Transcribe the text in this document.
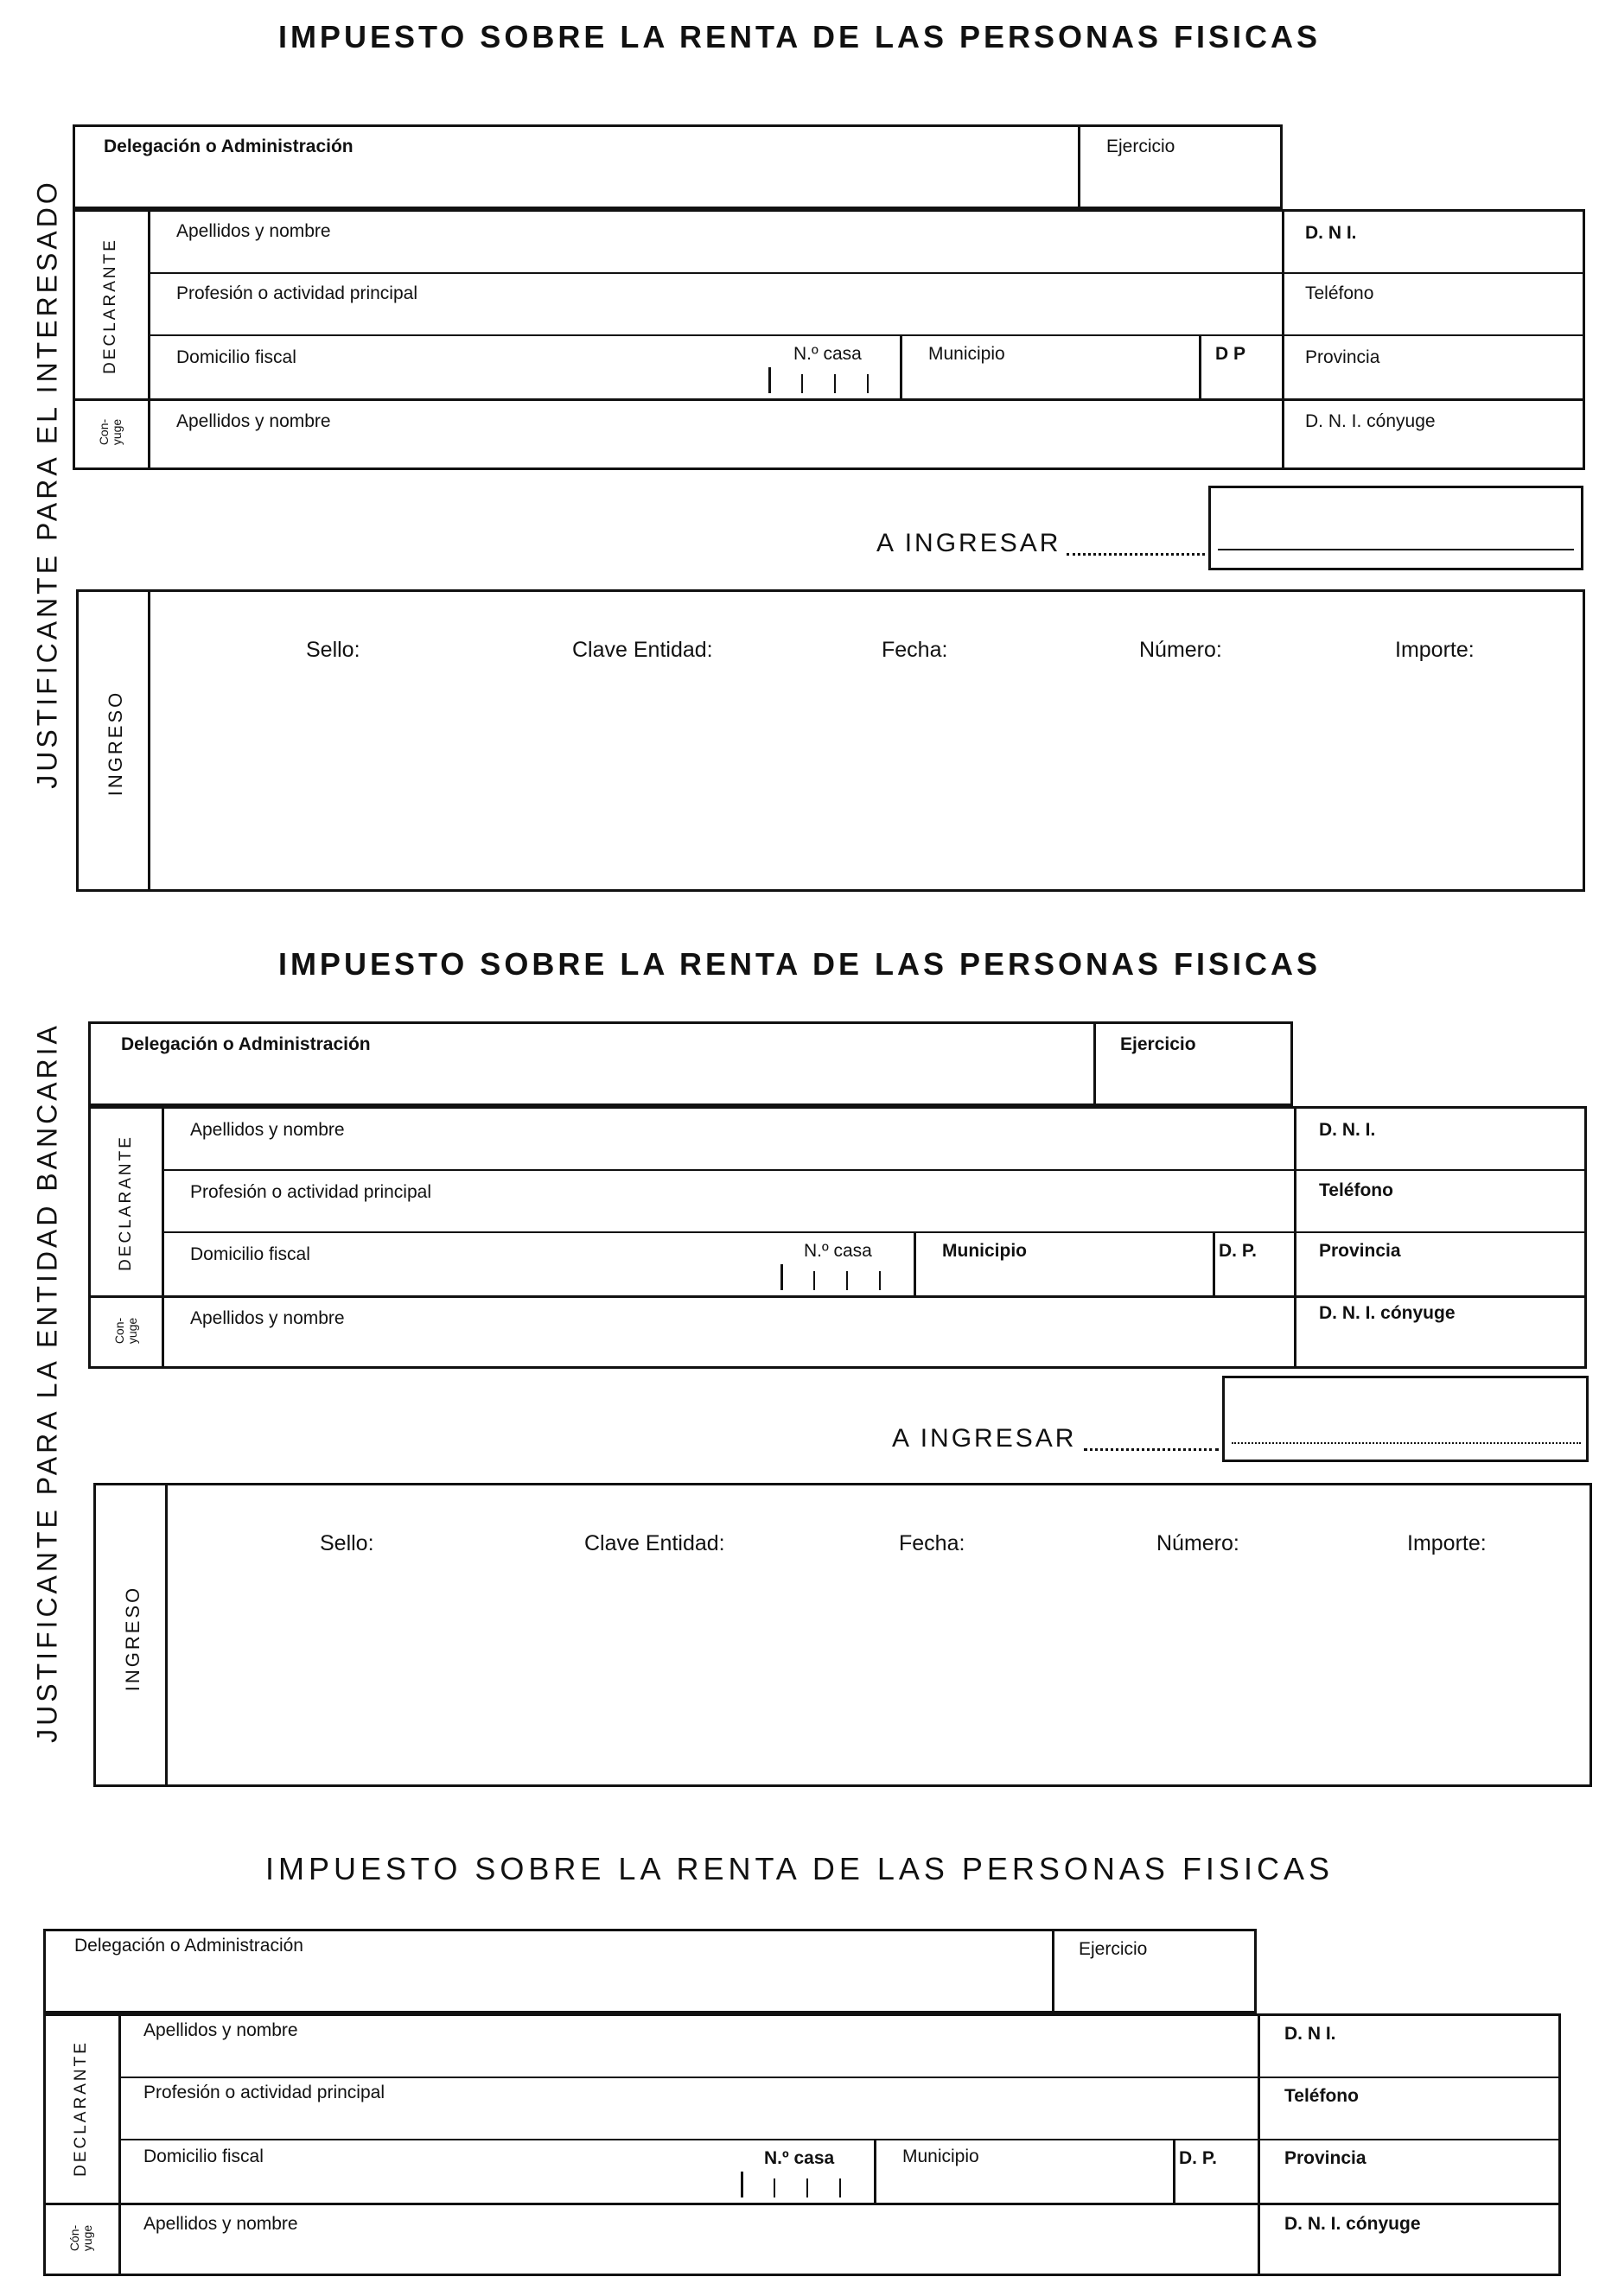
IMPUESTO SOBRE LA RENTA DE LAS PERSONAS FISICAS
JUSTIFICANTE PARA EL INTERESADO
Delegación o Administración	Ejercicio
DECLARANTE
Apellidos y nombre	D. N I.
Profesión o actividad principal	Teléfono
Domicilio fiscal	N.º casa	Municipio	D P	Provincia
Con- yuge	Apellidos y nombre	D. N. I. cónyuge
A INGRESAR
INGRESO
Sello:	Clave Entidad:	Fecha:	Número:	Importe:
IMPUESTO SOBRE LA RENTA DE LAS PERSONAS FISICAS
JUSTIFICANTE PARA LA ENTIDAD BANCARIA	Delegación o Administración	Ejercicio
DECLARANTE
Apellidos y nombre	D. N. I.
Profesión o actividad principal	Teléfono
Domicilio fiscal	N.º casa	Municipio	D. P.	Provincia
Con- yuge	Apellidos y nombre	D. N. I. cónyuge
A INGRESAR
INGRESO
Sello:	Clave Entidad:	Fecha:	Número:	Importe:
IMPUESTO SOBRE LA RENTA DE LAS PERSONAS FISICAS
Delegación o Administración	Ejercicio
DECLARANTE
Apellidos y nombre	D. N I.
Profesión o actividad principal	Teléfono
Domicilio fiscal	N.º casa	Municipio	D. P.	Provincia
Cón- yuge
Apellidos y nombre	D. N. I. cónyuge
